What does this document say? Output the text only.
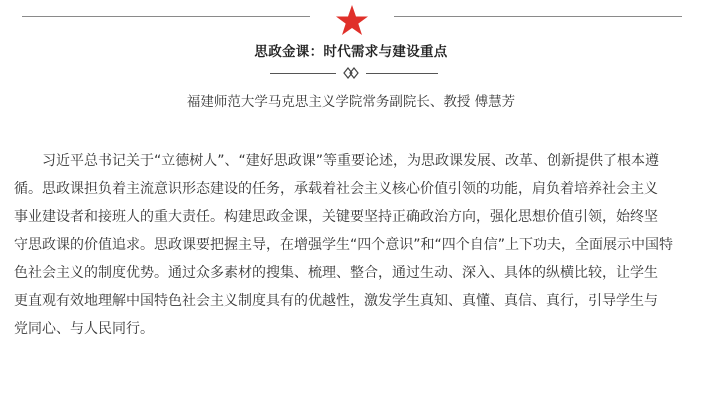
思政金课：时代需求与建设重点
福建师范大学马克思主义学院常务副院长、教授 傅慧芳
习近平总书记关于“立德树人”、“建好思政课”等重要论述，为思政课发展、改革、创新提供了根本遵
循。思政课担负着主流意识形态建设的任务，承载着社会主义核心价值引领的功能，肩负着培养社会主义
事业建设者和接班人的重大责任。构建思政金课，关键要坚持正确政治方向，强化思想价值引领，始终坚
守思政课的价值追求。思政课要把握主导，在增强学生“四个意识”和“四个自信”上下功夫，全面展示中国特
色社会主义的制度优势。通过众多素材的搜集、梳理、整合，通过生动、深入、具体的纵横比较，让学生
更直观有效地理解中国特色社会主义制度具有的优越性，激发学生真知、真懂、真信、真行，引导学生与
党同心、与人民同行。
